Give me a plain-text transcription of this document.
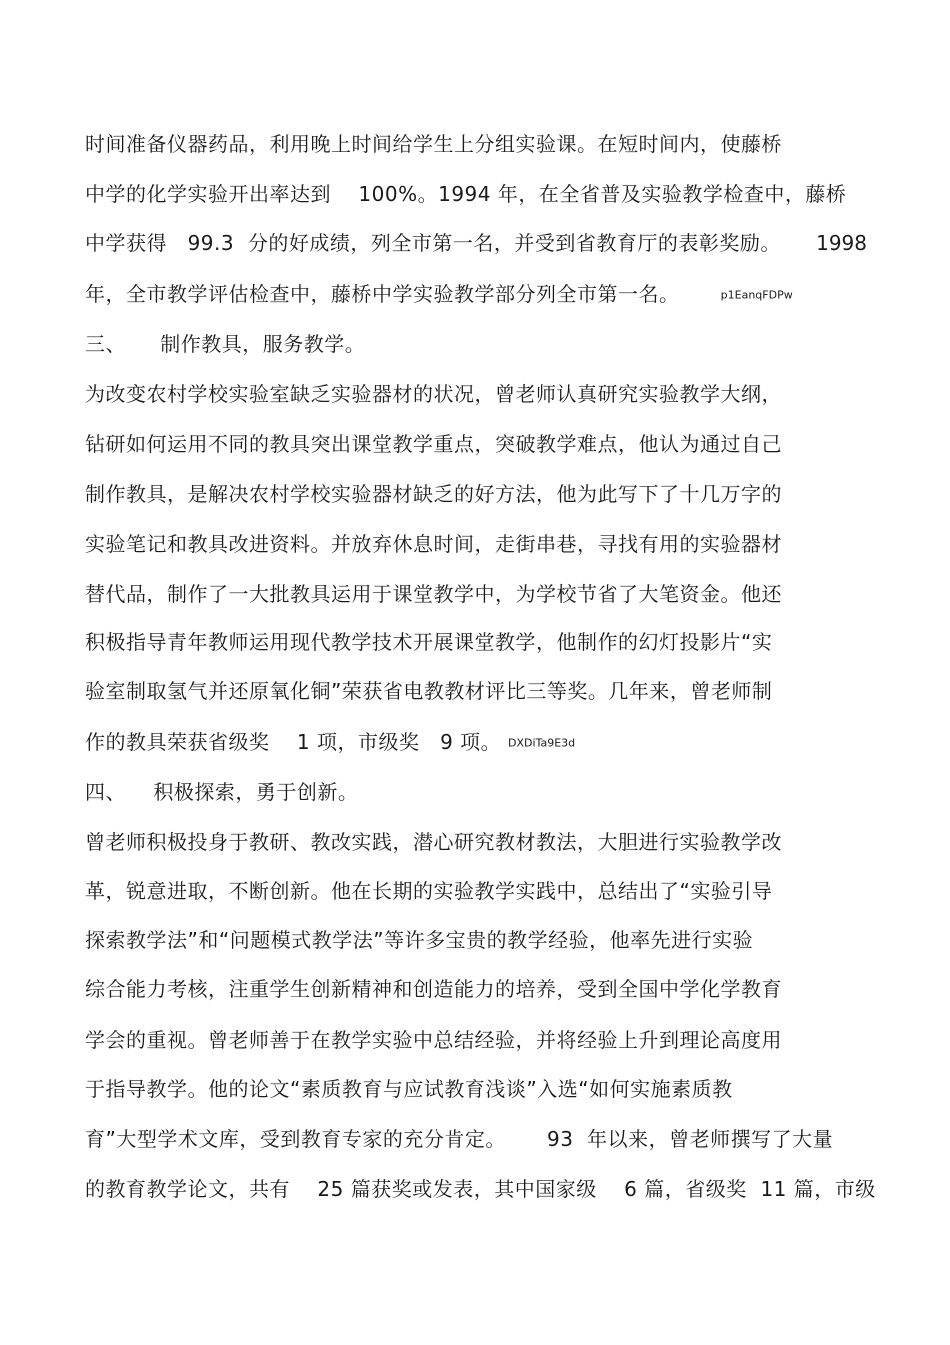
时间准备仪器药品，利用晚上时间给学生上分组实验课。在短时间内，使藤桥
中学的化学实验开出率达到    100%。1994 年，在全省普及实验教学检查中，藤桥
中学获得   99.3  分的好成绩，列全市第一名，并受到省教育厅的表彰奖励。 1998
年，全市教学评估检查中，藤桥中学实验教学部分列全市第一名。	p1EanqFDPw
三、     制作教具，服务教学。
为改变农村学校实验室缺乏实验器材的状况，曾老师认真研究实验教学大纲，
钻研如何运用不同的教具突出课堂教学重点，突破教学难点，他认为通过自己
制作教具，是解决农村学校实验器材缺乏的好方法，他为此写下了十几万字的
实验笔记和教具改进资料。并放弃休息时间，走街串巷，寻找有用的实验器材
替代品，制作了一大批教具运用于课堂教学中，为学校节省了大笔资金。他还
积极指导青年教师运用现代教学技术开展课堂教学，他制作的幻灯投影片“实
验室制取氢气并还原氧化铜”荣获省电教教材评比三等奖。几年来，曾老师制
作的教具荣获省级奖    1 项，市级奖   9 项。 DXDiTa9E3d
四、    积极探索，勇于创新。
曾老师积极投身于教研、教改实践，潜心研究教材教法，大胆进行实验教学改
革，锐意进取，不断创新。他在长期的实验教学实践中，总结出了“实验引导
探索教学法”和“问题模式教学法”等许多宝贵的教学经验，他率先进行实验
综合能力考核，注重学生创新精神和创造能力的培养，受到全国中学化学教育
学会的重视。曾老师善于在教学实验中总结经验，并将经验上升到理论高度用
于指导教学。他的论文“素质教育与应试教育浅谈”入选“如何实施素质教
育”大型学术文库，受到教育专家的充分肯定。      93  年以来，曾老师撰写了大量
的教育教学论文，共有    25 篇获奖或发表，其中国家级    6 篇，省级奖  11 篇，市级
